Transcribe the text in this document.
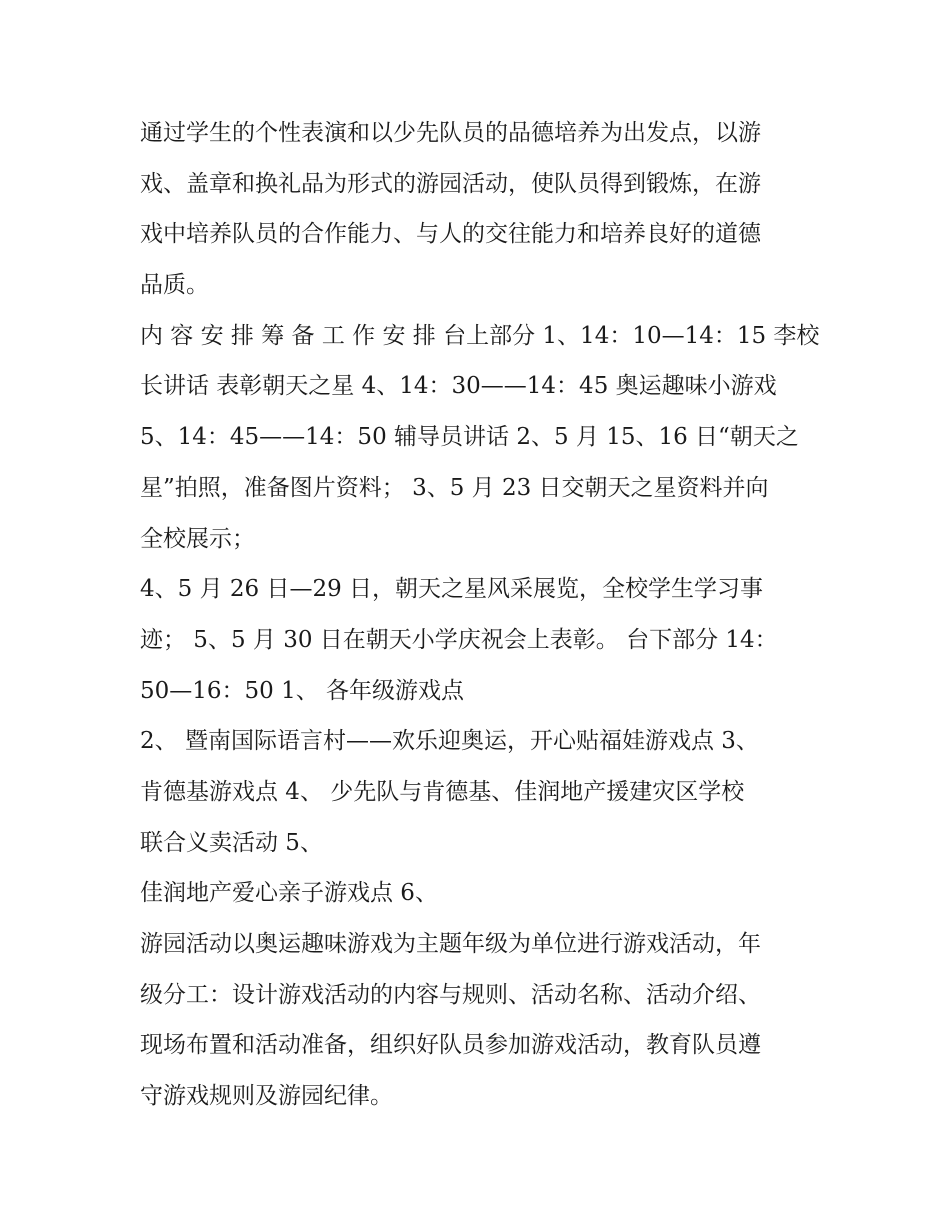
通过学生的个性表演和以少先队员的品德培养为出发点，以游
戏、盖章和换礼品为形式的游园活动，使队员得到锻炼，在游
戏中培养队员的合作能力、与人的交往能力和培养良好的道德
品质。
内 容 安 排 筹 备 工 作 安 排 台上部分 1、14：10—14：15 李校
长讲话 表彰朝天之星 4、14：30——14：45 奥运趣味小游戏
5、14：45——14：50 辅导员讲话 2、5 月 15、16 日“朝天之
星”拍照，准备图片资料； 3、5 月 23 日交朝天之星资料并向
全校展示；
4、5 月 26 日—29 日，朝天之星风采展览，全校学生学习事
迹； 5、5 月 30 日在朝天小学庆祝会上表彰。 台下部分 14：
50—16：50 1、 各年级游戏点
2、 暨南国际语言村——欢乐迎奥运，开心贴福娃游戏点 3、
肯德基游戏点 4、 少先队与肯德基、佳润地产援建灾区学校
联合义卖活动 5、
佳润地产爱心亲子游戏点 6、
游园活动以奥运趣味游戏为主题年级为单位进行游戏活动，年
级分工：设计游戏活动的内容与规则、活动名称、活动介绍、
现场布置和活动准备，组织好队员参加游戏活动，教育队员遵
守游戏规则及游园纪律。
